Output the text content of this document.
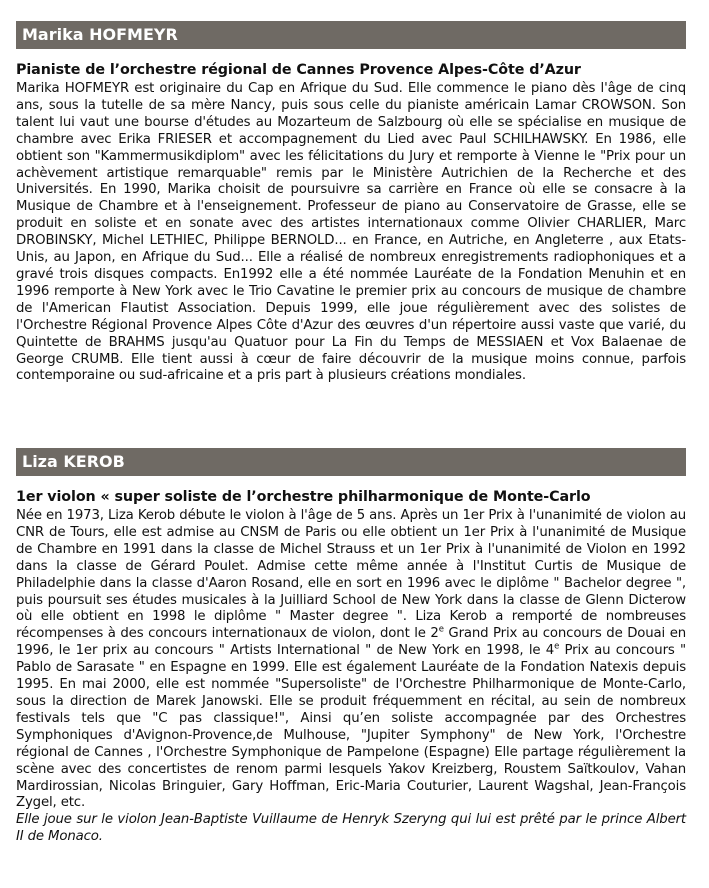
Marika HOFMEYR
Pianiste de l’orchestre régional de Cannes Provence Alpes-Côte d’Azur
Marika HOFMEYR est originaire du Cap en Afrique du Sud. Elle commence le piano dès l'âge de cinq ans, sous la tutelle de sa mère Nancy, puis sous celle du pianiste américain Lamar CROWSON. Son talent lui vaut une bourse d'études au Mozarteum de Salzbourg où elle se spécialise en musique de chambre avec Erika FRIESER et accompagnement du Lied avec Paul SCHILHAWSKY. En 1986, elle obtient son "Kammermusikdiplom" avec les félicitations du Jury et remporte à Vienne le "Prix pour un achèvement artistique remarquable" remis par le Ministère Autrichien de la Recherche et des Universités. En 1990, Marika choisit de poursuivre sa carrière en France où elle se consacre à la Musique de Chambre et à l'enseignement. Professeur de piano au Conservatoire de Grasse, elle se produit en soliste et en sonate avec des artistes internationaux comme Olivier CHARLIER, Marc DROBINSKY, Michel LETHIEC, Philippe BERNOLD... en France, en Autriche, en Angleterre , aux Etats-Unis, au Japon, en Afrique du Sud... Elle a réalisé de nombreux enregistrements radiophoniques et a gravé trois disques compacts. En1992 elle a été nommée Lauréate de la Fondation Menuhin et en 1996 remporte à New York avec le Trio Cavatine le premier prix au concours de musique de chambre de l'American Flautist Association. Depuis 1999, elle joue régulièrement avec des solistes de l'Orchestre Régional Provence Alpes Côte d'Azur des œuvres d'un répertoire aussi vaste que varié, du Quintette de BRAHMS jusqu'au Quatuor pour La Fin du Temps de MESSIAEN et Vox Balaenae de George CRUMB. Elle tient aussi à cœur de faire découvrir de la musique moins connue, parfois contemporaine ou sud-africaine et a pris part à plusieurs créations mondiales.
Liza KEROB
1er violon « super soliste de l’orchestre philharmonique de Monte-Carlo
Née en 1973, Liza Kerob débute le violon à l'âge de 5 ans. Après un 1er Prix à l'unanimité de violon au CNR de Tours, elle est admise au CNSM de Paris ou elle obtient un 1er Prix à l'unanimité de Musique de Chambre en 1991 dans la classe de Michel Strauss et un 1er Prix à l'unanimité de Violon en 1992 dans la classe de Gérard Poulet. Admise cette même année à l'Institut Curtis de Musique de Philadelphie dans la classe d'Aaron Rosand, elle en sort en 1996 avec le diplôme " Bachelor degree ", puis poursuit ses études musicales à la Juilliard School de New York dans la classe de Glenn Dicterow où elle obtient en 1998 le diplôme " Master degree ". Liza Kerob a remporté de nombreuses récompenses à des concours internationaux de violon, dont le 2e Grand Prix au concours de Douai en 1996, le 1er prix au concours " Artists International " de New York en 1998, le 4e Prix au concours " Pablo de Sarasate " en Espagne en 1999. Elle est également Lauréate de la Fondation Natexis depuis 1995. En mai 2000, elle est nommée "Supersoliste" de l'Orchestre Philharmonique de Monte-Carlo, sous la direction de Marek Janowski. Elle se produit fréquemment en récital, au sein de nombreux festivals tels que "C pas classique!", Ainsi qu’en soliste accompagnée par des Orchestres Symphoniques d'Avignon-Provence,de Mulhouse, "Jupiter Symphony" de New York, l'Orchestre régional de Cannes , l'Orchestre Symphonique de Pampelone (Espagne) Elle partage régulièrement la scène avec des concertistes de renom parmi lesquels Yakov Kreizberg, Roustem Saïtkoulov, Vahan Mardirossian, Nicolas Bringuier, Gary Hoffman, Eric-Maria Couturier, Laurent Wagshal, Jean-François Zygel, etc.
Elle joue sur le violon Jean-Baptiste Vuillaume de Henryk Szeryng qui lui est prêté par le prince Albert II de Monaco.
